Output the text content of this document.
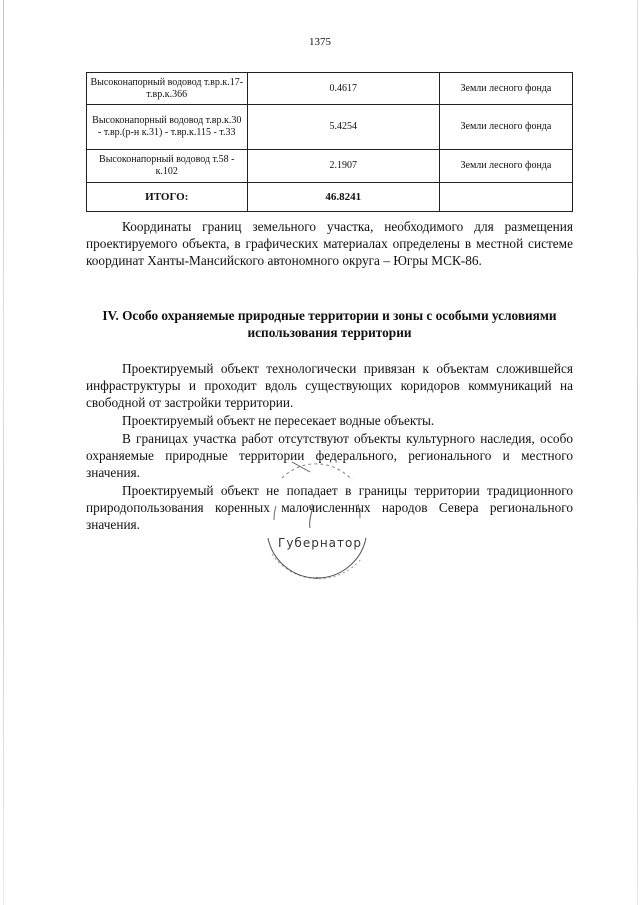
1375
Высоконапорный водовод т.вр.к.17- т.вр.к.366	0.4617	Земли лесного фонда
Высоконапорный водовод т.вр.к.30 - т.вр.(р-н к.31) - т.вр.к.115 - т.33	5.4254	Земли лесного фонда
Высоконапорный водовод т.58 - к.102	2.1907	Земли лесного фонда
ИТОГО:	46.8241	
Координаты границ земельного участка, необходимого для размещения проектируемого объекта, в графических материалах определены в местной системе координат Ханты-Мансийского автономного округа – Югры МСК-86.
IV. Особо охраняемые природные территории и зоны с особыми условиями использования территории
Проектируемый объект технологически привязан к объектам сложившейся инфраструктуры и проходит вдоль существующих коридоров коммуникаций на свободной от застройки территории.
Проектируемый объект не пересекает водные объекты.
В границах участка работ отсутствуют объекты культурного наследия, особо охраняемые природные территории федерального, регионального и местного значения.
Проектируемый объект не попадает в границы территории традиционного природопользования коренных малочисленных народов Севера регионального значения.
Губернатор
